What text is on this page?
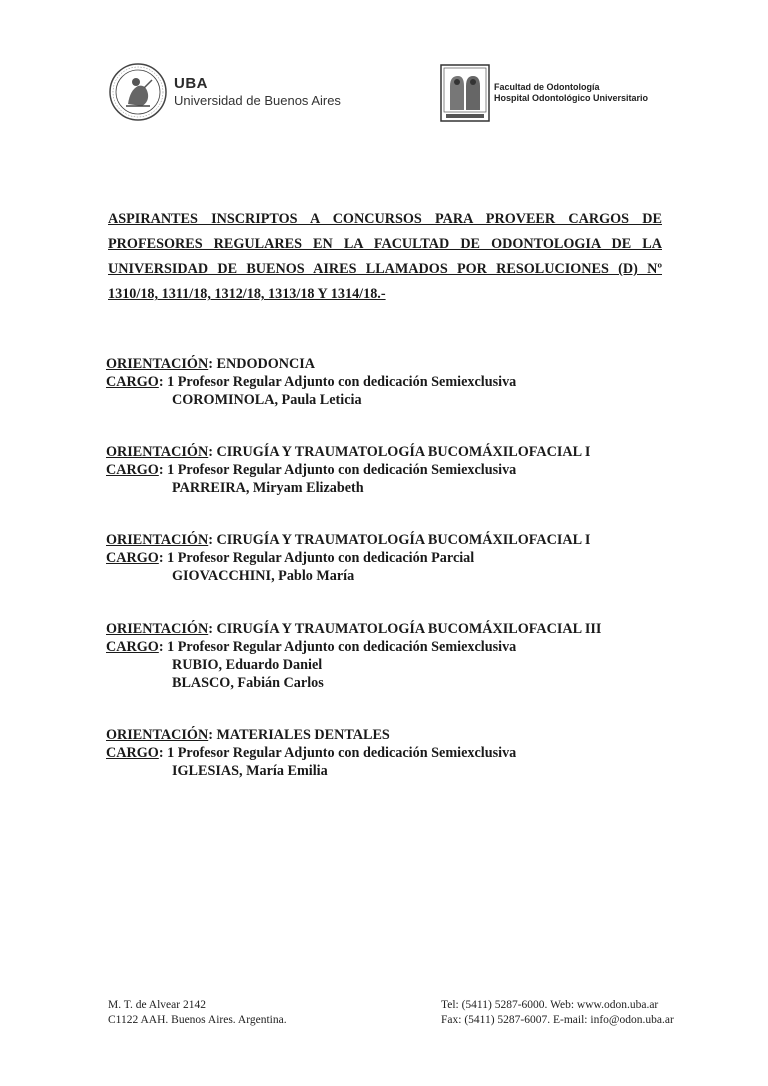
UBA
Universidad de Buenos Aires
Facultad de Odontología
Hospital Odontológico Universitario
ASPIRANTES INSCRIPTOS A CONCURSOS PARA PROVEER CARGOS DE
PROFESORES REGULARES EN LA FACULTAD DE ODONTOLOGIA DE LA
UNIVERSIDAD DE BUENOS AIRES LLAMADOS POR RESOLUCIONES (D) Nº
1310/18, 1311/18, 1312/18, 1313/18 Y 1314/18.-
ORIENTACIÓN: ENDODONCIA
CARGO: 1 Profesor Regular Adjunto con dedicación Semiexclusiva
COROMINOLA, Paula Leticia
ORIENTACIÓN: CIRUGÍA Y TRAUMATOLOGÍA BUCOMÁXILOFACIAL I
CARGO: 1 Profesor Regular Adjunto con dedicación Semiexclusiva
PARREIRA, Miryam Elizabeth
ORIENTACIÓN: CIRUGÍA Y TRAUMATOLOGÍA BUCOMÁXILOFACIAL I
CARGO: 1 Profesor Regular Adjunto con dedicación Parcial
GIOVACCHINI, Pablo María
ORIENTACIÓN: CIRUGÍA Y TRAUMATOLOGÍA BUCOMÁXILOFACIAL III
CARGO: 1 Profesor Regular Adjunto con dedicación Semiexclusiva
RUBIO, Eduardo Daniel
BLASCO, Fabián Carlos
ORIENTACIÓN: MATERIALES DENTALES
CARGO: 1 Profesor Regular Adjunto con dedicación Semiexclusiva
IGLESIAS, María Emilia
M. T. de Alvear 2142
C1122 AAH. Buenos Aires. Argentina.
Tel: (5411) 5287-6000. Web: www.odon.uba.ar
Fax: (5411) 5287-6007. E-mail: info@odon.uba.ar
